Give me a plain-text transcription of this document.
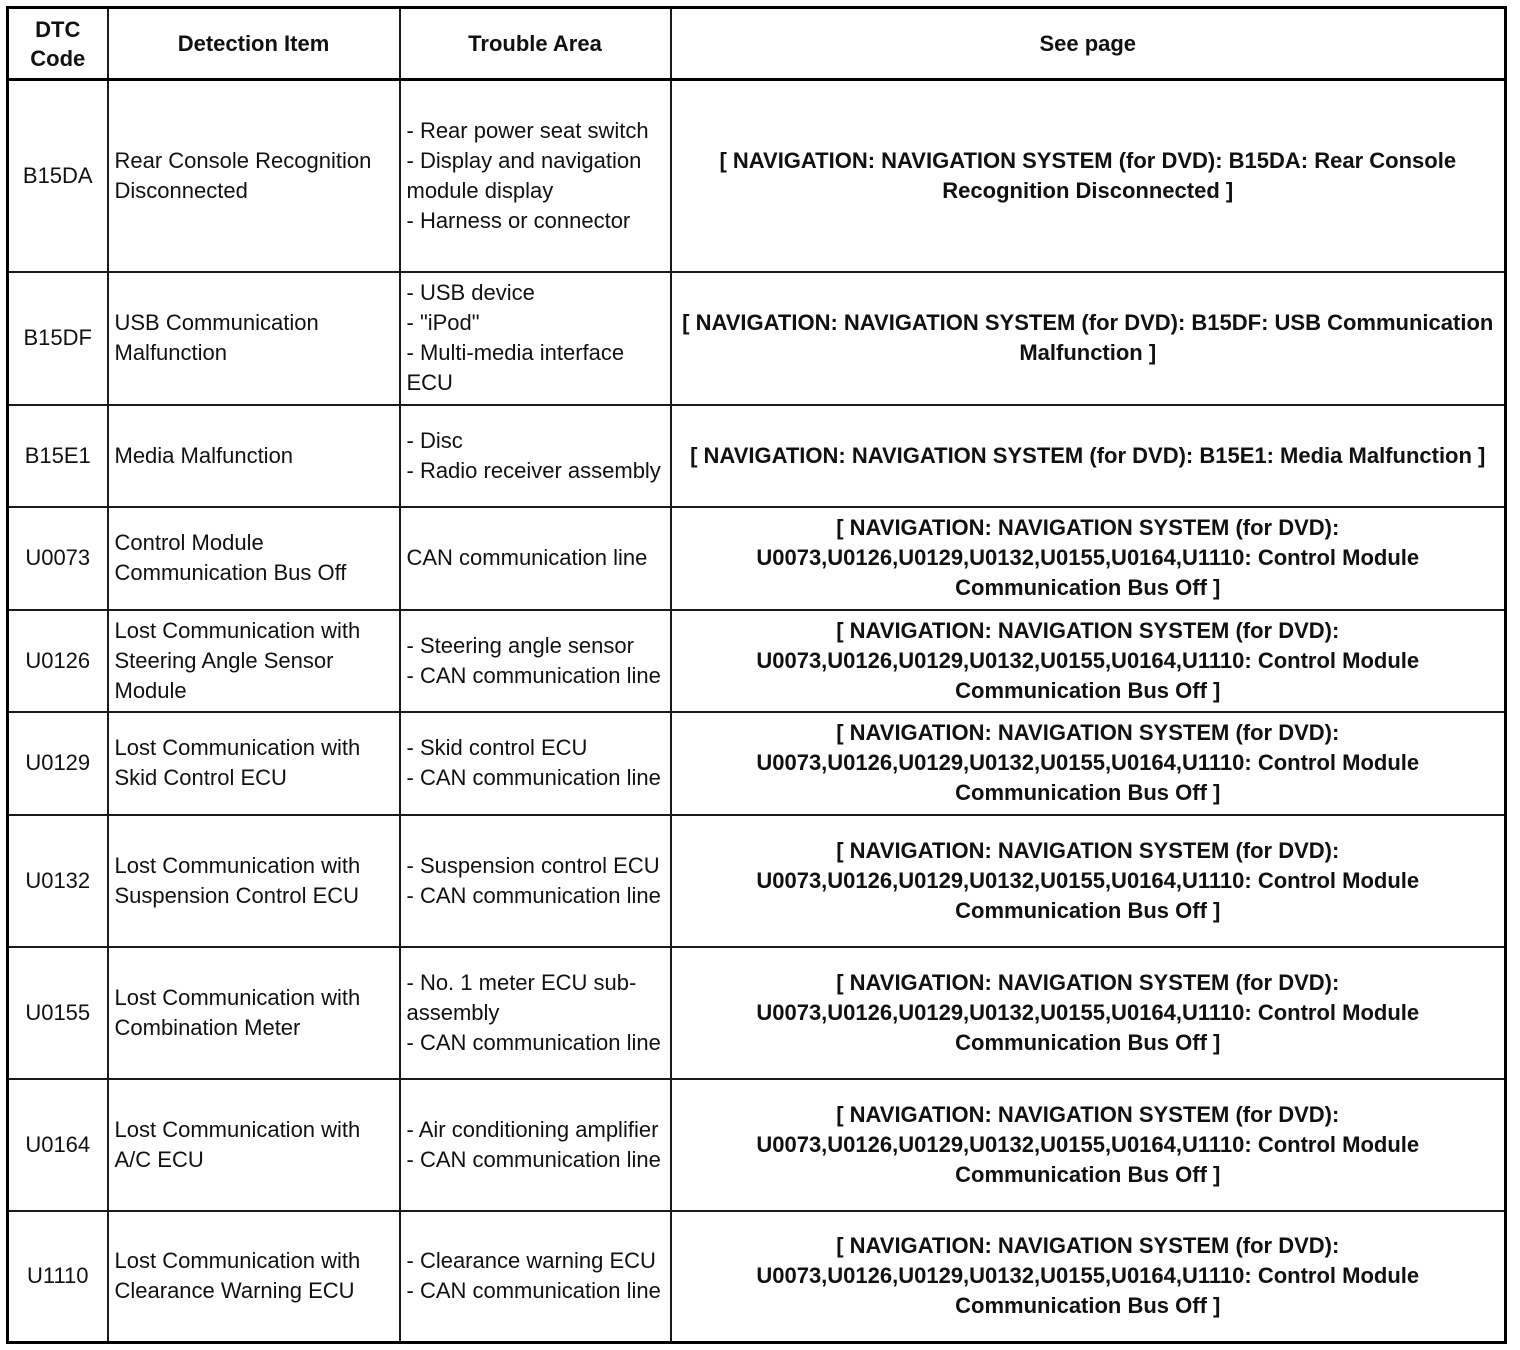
DTC Code	Detection Item	Trouble Area	See page
B15DA	Rear Console Recognition Disconnected	- Rear power seat switch
- Display and navigation module display
- Harness or connector	[ NAVIGATION: NAVIGATION SYSTEM (for DVD): B15DA: Rear Console Recognition Disconnected ]
B15DF	USB Communication Malfunction	- USB device
- "iPod"
- Multi-media interface ECU	[ NAVIGATION: NAVIGATION SYSTEM (for DVD): B15DF: USB Communication Malfunction ]
B15E1	Media Malfunction	- Disc
- Radio receiver assembly	[ NAVIGATION: NAVIGATION SYSTEM (for DVD): B15E1: Media Malfunction ]
U0073	Control Module Communication Bus Off	CAN communication line	[ NAVIGATION: NAVIGATION SYSTEM (for DVD): U0073,U0126,U0129,U0132,U0155,U0164,U1110: Control Module Communication Bus Off ]
U0126	Lost Communication with Steering Angle Sensor Module	- Steering angle sensor
- CAN communication line	[ NAVIGATION: NAVIGATION SYSTEM (for DVD): U0073,U0126,U0129,U0132,U0155,U0164,U1110: Control Module Communication Bus Off ]
U0129	Lost Communication with Skid Control ECU	- Skid control ECU
- CAN communication line	[ NAVIGATION: NAVIGATION SYSTEM (for DVD): U0073,U0126,U0129,U0132,U0155,U0164,U1110: Control Module Communication Bus Off ]
U0132	Lost Communication with Suspension Control ECU	- Suspension control ECU
- CAN communication line	[ NAVIGATION: NAVIGATION SYSTEM (for DVD): U0073,U0126,U0129,U0132,U0155,U0164,U1110: Control Module Communication Bus Off ]
U0155	Lost Communication with Combination Meter	- No. 1 meter ECU sub-assembly
- CAN communication line	[ NAVIGATION: NAVIGATION SYSTEM (for DVD): U0073,U0126,U0129,U0132,U0155,U0164,U1110: Control Module Communication Bus Off ]
U0164	Lost Communication with A/C ECU	- Air conditioning amplifier
- CAN communication line	[ NAVIGATION: NAVIGATION SYSTEM (for DVD): U0073,U0126,U0129,U0132,U0155,U0164,U1110: Control Module Communication Bus Off ]
U1110	Lost Communication with Clearance Warning ECU	- Clearance warning ECU
- CAN communication line	[ NAVIGATION: NAVIGATION SYSTEM (for DVD): U0073,U0126,U0129,U0132,U0155,U0164,U1110: Control Module Communication Bus Off ]
